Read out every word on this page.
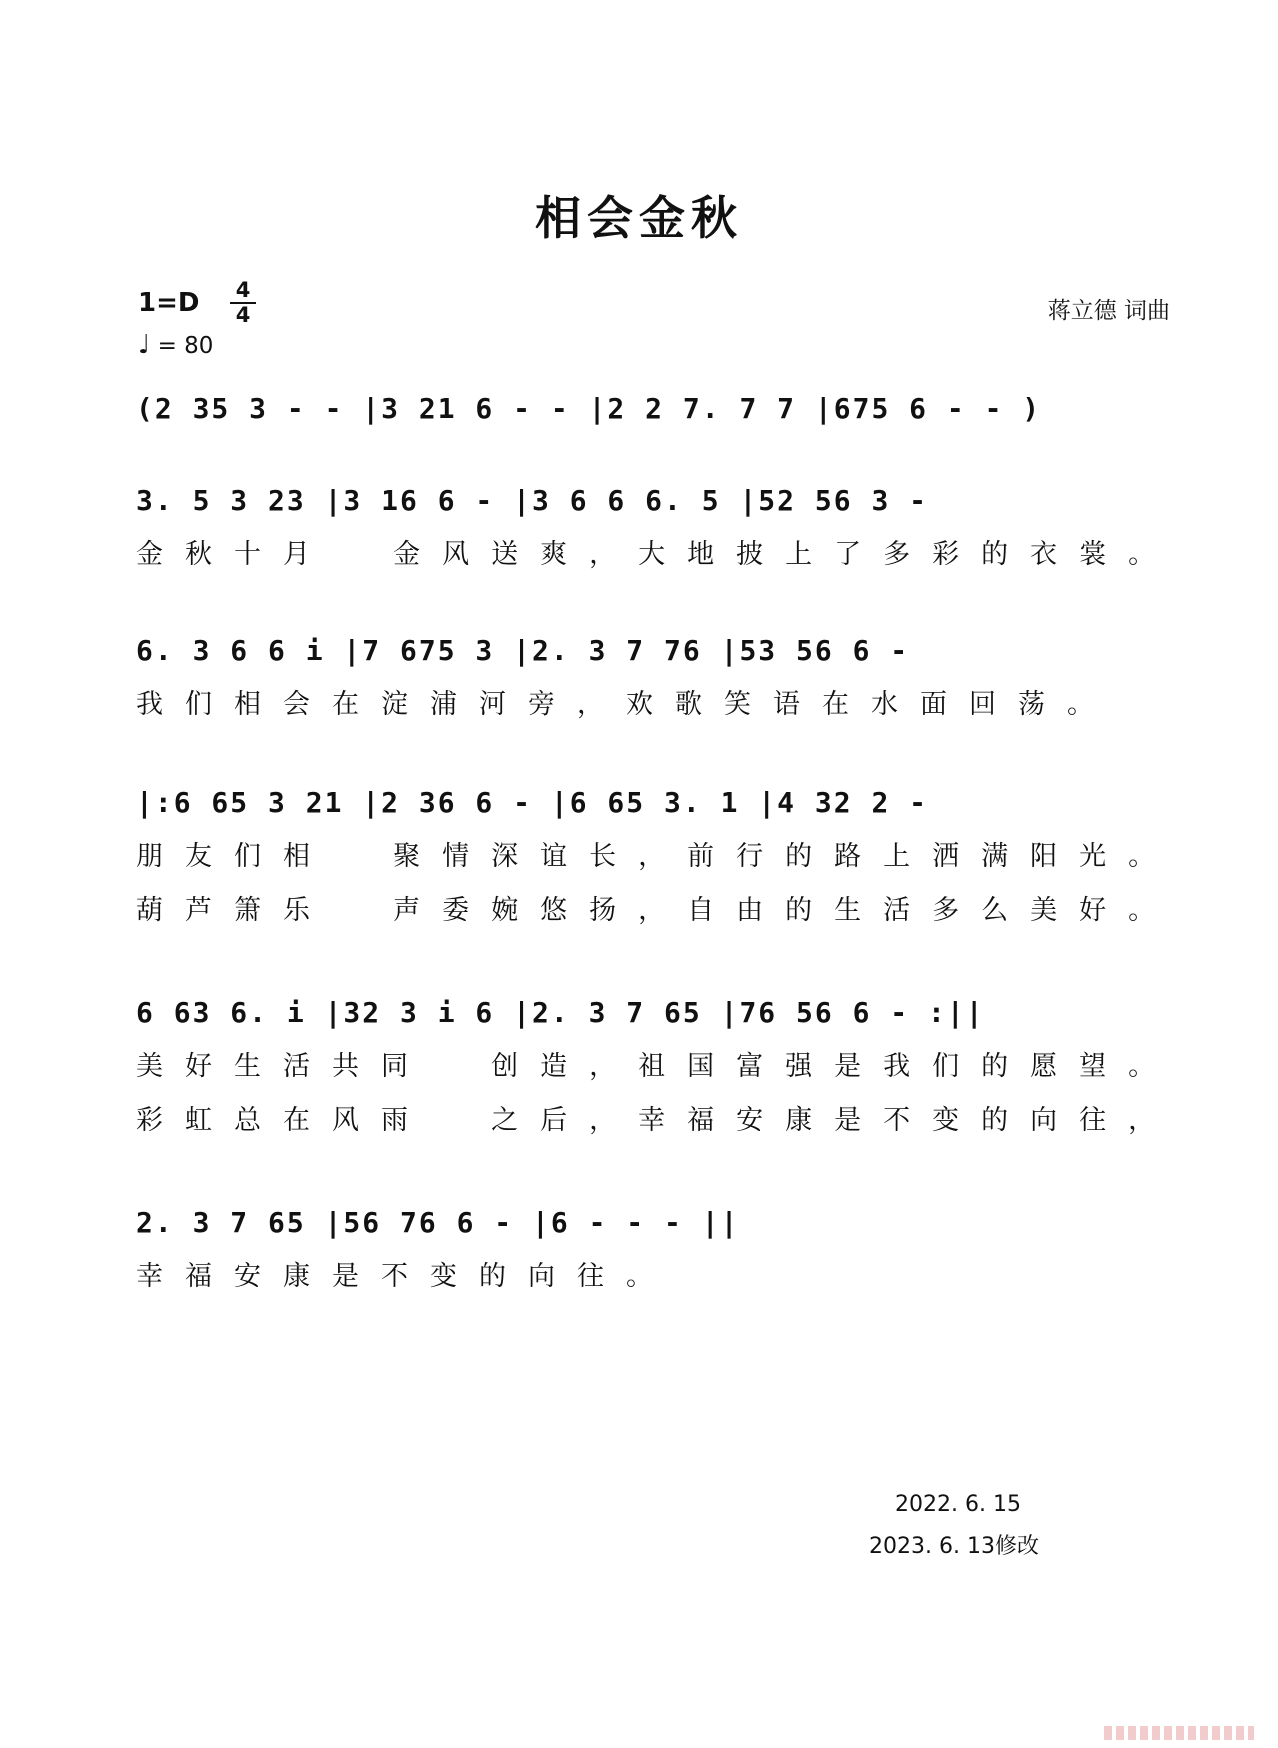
相会金秋
1=D 4
4
♩ = 80
蒋立德 词曲
(2 35 3 - - |3 21 6 - - |2 2 7. 7 7 |675 6 - - )
3. 5 3 23 |3 16 6 - |3 6 6 6. 5 |52 56 3 -
金秋十月  金风送爽，大地披上了多彩的衣裳。
6. 3 6 6 i |7 675 3 |2. 3 7 76 |53 56 6 -
我们相会在淀浦河旁，欢歌笑语在水面回荡。
|:6 65 3 21 |2 36 6 - |6 65 3. 1 |4 32 2 -
朋友们相  聚情深谊长，前行的路上洒满阳光。
葫芦箫乐  声委婉悠扬，自由的生活多么美好。
6 63 6. i |32 3 i 6 |2. 3 7 65 |76 56 6 - :||
美好生活共同  创造，祖国富强是我们的愿望。
彩虹总在风雨  之后，幸福安康是不变的向往，
2. 3 7 65 |56 76 6 - |6 - - - ||
幸福安康是不变的向往。
2022. 6. 15
2023. 6. 13修改
